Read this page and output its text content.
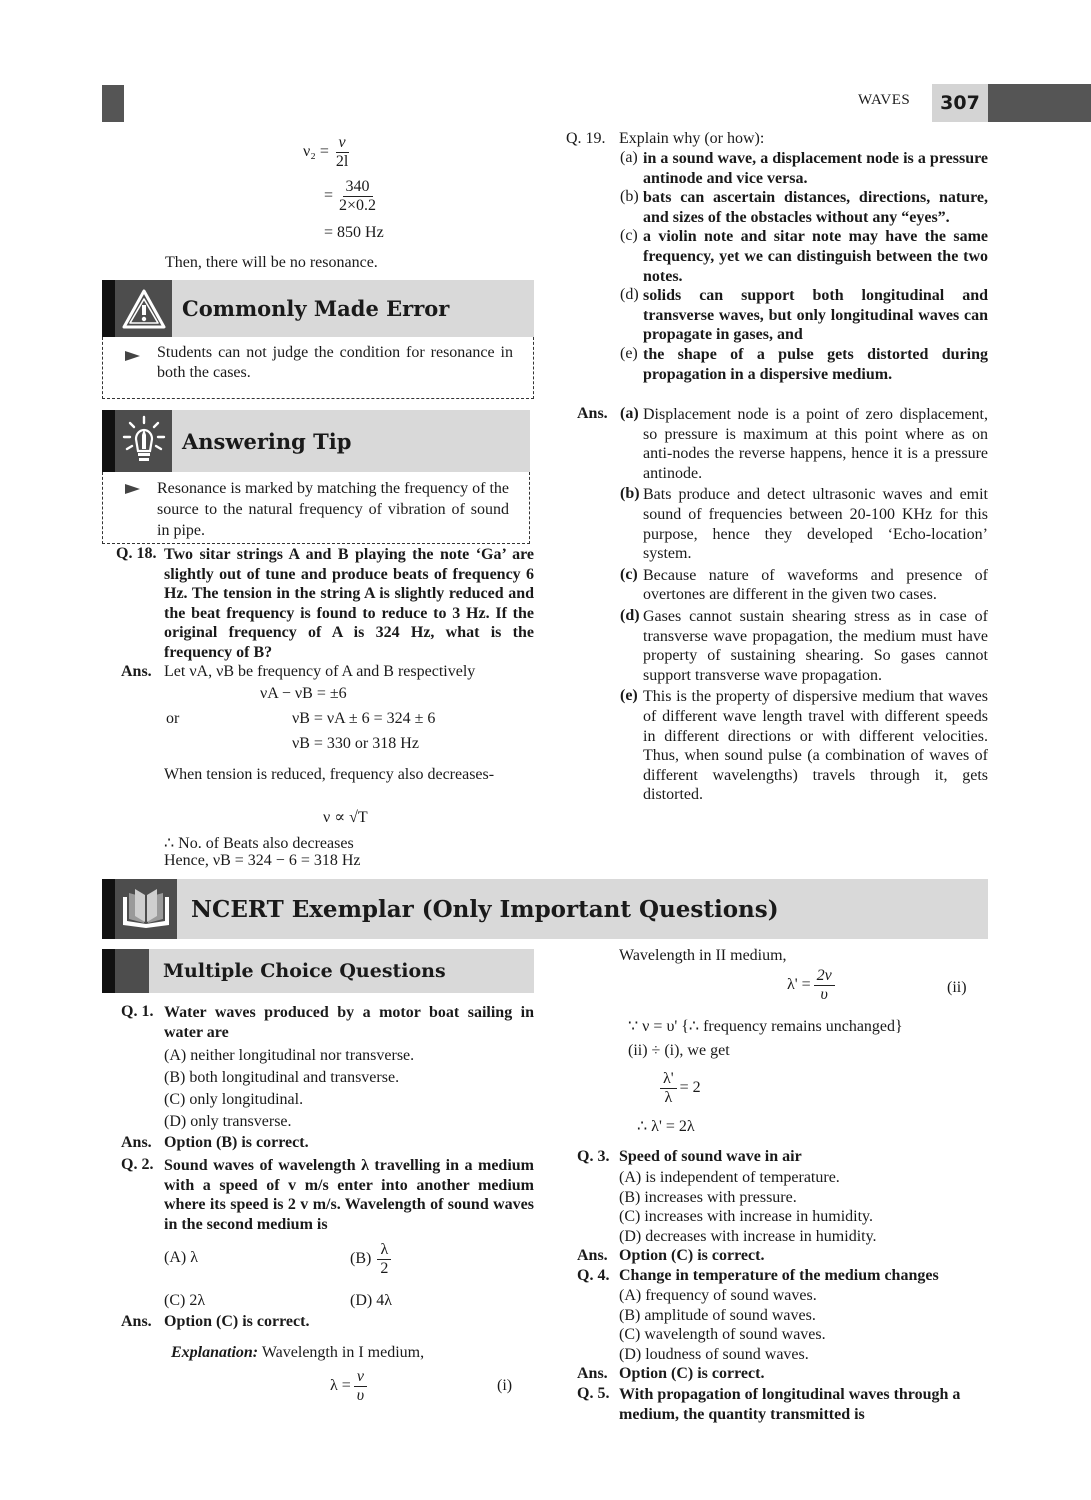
WAVES	307
$\nu_2 = \frac{v}{2l}$
= $\frac{340}{2\times 0.2}$
= 850 Hz
Then, there will be no resonance.
Commonly Made Error
Students can not judge the condition for resonance in both the cases.
Answering Tip
Resonance is marked by matching the frequency of the source to the natural frequency of vibration of sound in pipe.
Q. 18. Two sitar strings A and B playing the note ‘Ga’ are slightly out of tune and produce beats of frequency 6 Hz. The tension in the string A is slightly reduced and the beat frequency is found to reduce to 3 Hz. If the original frequency of A is 324 Hz, what is the frequency of B?
Ans. Let νA, νB be frequency of A and B respectively
νA − νB = ±6
or	νB = νA ± 6 = 324 ± 6
νB = 330 or 318 Hz
When tension is reduced, frequency also decreases-
ν ∝ √T
∴ No. of Beats also decreases
Hence, νB = 324 − 6 = 318 Hz
Q. 19. Explain why (or how):
(a) in a sound wave, a displacement node is a pressure antinode and vice versa.
(b) bats can ascertain distances, directions, nature, and sizes of the obstacles without any “eyes”.
(c) a violin note and sitar note may have the same frequency, yet we can distinguish between the two notes.
(d) solids can support both longitudinal and transverse waves, but only longitudinal waves can propagate in gases, and
(e) the shape of a pulse gets distorted during propagation in a dispersive medium.
Ans. (a) Displacement node is a point of zero displacement, so pressure is maximum at this point where as on anti-nodes the reverse happens, hence it is a pressure antinode.
(b) Bats produce and detect ultrasonic waves and emit sound of frequencies between 20-100 KHz for this purpose, hence they developed ‘Echo-location’ system.
(c) Because nature of waveforms and presence of overtones are different in the given two cases.
(d) Gases cannot sustain shearing stress as in case of transverse wave propagation, the medium must have property of sustaining shearing. So gases cannot support transverse wave propagation.
(e) This is the property of dispersive medium that waves of different wave length travel with different speeds in different directions or with different velocities. Thus, when sound pulse (a combination of waves of different wavelengths) travels through it, gets distorted.
NCERT Exemplar (Only Important Questions)
Multiple Choice Questions
Q. 1. Water waves produced by a motor boat sailing in water are
(A) neither longitudinal nor transverse.
(B) both longitudinal and transverse.
(C) only longitudinal.
(D) only transverse.
Ans. Option (B) is correct.
Q. 2. Sound waves of wavelength λ travelling in a medium with a speed of v m/s enter into another medium where its speed is 2 v m/s. Wavelength of sound waves in the second medium is
(A) λ	$(B) \frac{\lambda}{2}$
(C) 2λ	(D) 4λ
Ans. Option (C) is correct.
Explanation: Wavelength in I medium,
$\lambda = \frac{v}{\upsilon}$	(i)
Wavelength in II medium,
$\lambda' = \frac{2v}{\upsilon}$	(ii)
∵ ν = υ' {∴ frequency remains unchanged}
(ii) ÷ (i), we get
$\frac{\lambda'}{\lambda} = 2$
∴ λ' = 2λ
Q. 3. Speed of sound wave in air
(A) is independent of temperature.
(B) increases with pressure.
(C) increases with increase in humidity.
(D) decreases with increase in humidity.
Ans. Option (C) is correct.
Q. 4. Change in temperature of the medium changes
(A) frequency of sound waves.
(B) amplitude of sound waves.
(C) wavelength of sound waves.
(D) loudness of sound waves.
Ans. Option (C) is correct.
Q. 5. With propagation of longitudinal waves through a medium, the quantity transmitted is
